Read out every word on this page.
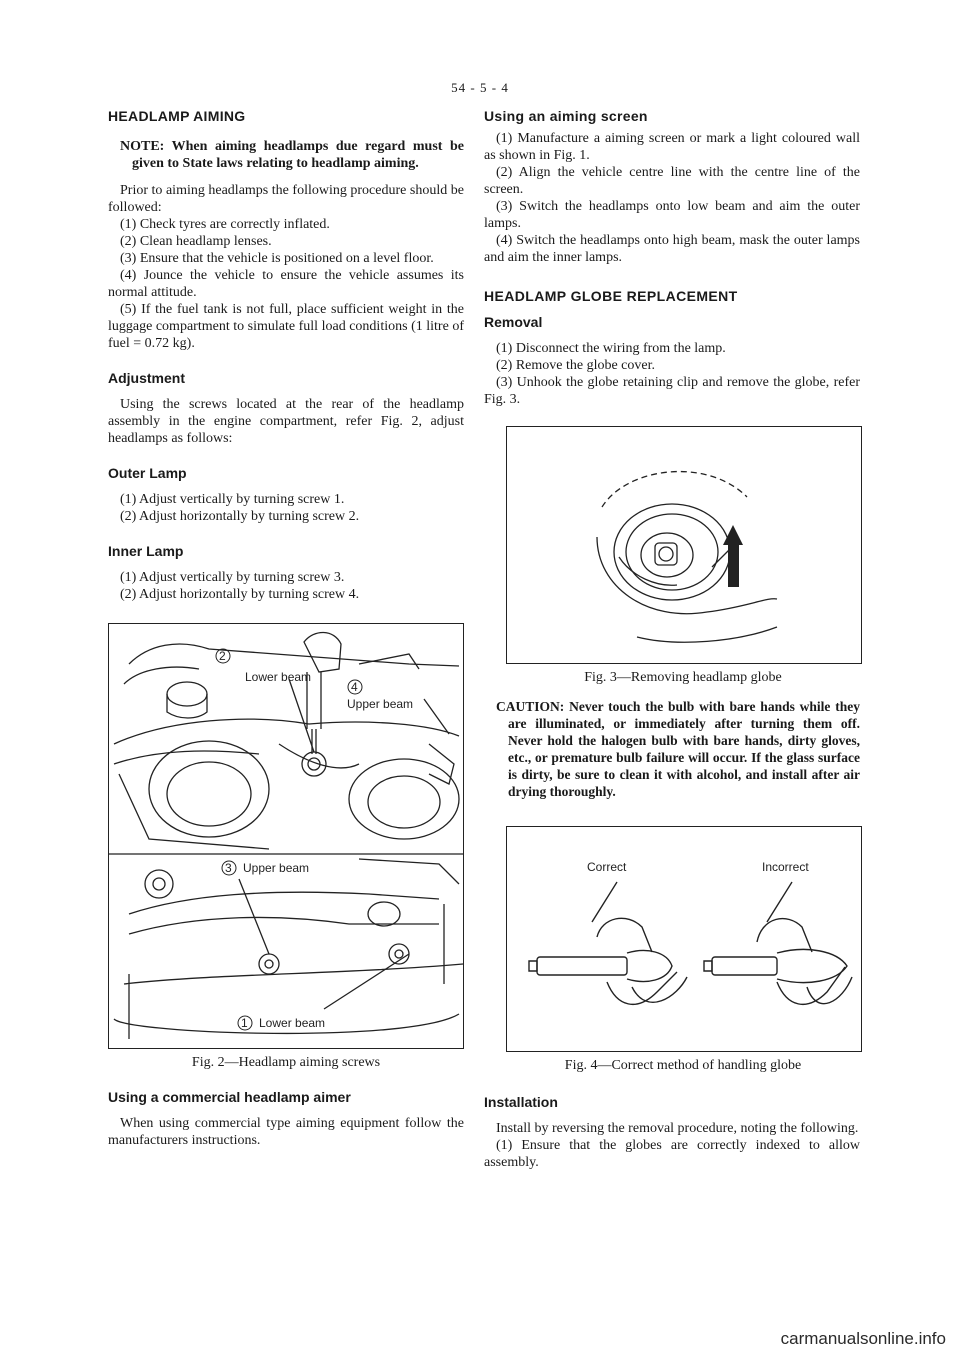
54 - 5 - 4
HEADLAMP AIMING

NOTE: When aiming headlamps due regard must be given to State laws relating to headlamp aiming.

Prior to aiming headlamps the following procedure should be followed:

(1) Check tyres are correctly inflated.

(2) Clean headlamp lenses.

(3) Ensure that the vehicle is positioned on a level floor.

(4) Jounce the vehicle to ensure the vehicle assumes its normal attitude.

(5) If the fuel tank is not full, place sufficient weight in the luggage compartment to simulate full load conditions (1 litre of fuel = 0.72 kg).

Adjustment

Using the screws located at the rear of the headlamp assembly in the engine compartment, refer Fig. 2, adjust headlamps as follows:

Outer Lamp

(1) Adjust vertically by turning screw 1.

(2) Adjust horizontally by turning screw 2.

Inner Lamp

(1) Adjust vertically by turning screw 3.

(2) Adjust horizontally by turning screw 4.

2
Lower beam
4
Upper beam
3 Upper beam
1 Lower beam
Fig. 2—Headlamp aiming screws
Using a commercial headlamp aimer

When using commercial type aiming equipment follow the manufacturers instructions.

Using an aiming screen

(1) Manufacture a aiming screen or mark a light coloured wall as shown in Fig. 1.

(2) Align the vehicle centre line with the centre line of the screen.

(3) Switch the headlamps onto low beam and aim the outer lamps.

(4) Switch the headlamps onto high beam, mask the outer lamps and aim the inner lamps.

HEADLAMP GLOBE REPLACEMENT
Removal

(1) Disconnect the wiring from the lamp.

(2) Remove the globe cover.

(3) Unhook the globe retaining clip and remove the globe, refer Fig. 3.

Fig. 3—Removing headlamp globe

CAUTION: Never touch the bulb with bare hands while they are illuminated, or immediately after turning them off. Never hold the halogen bulb with bare hands, dirty gloves, etc., or premature bulb failure will occur. If the glass surface is dirty, be sure to clean it with alcohol, and install after air drying thoroughly.

Correct	Incorrect
Fig. 4—Correct method of handling globe
Installation

Install by reversing the removal procedure, noting the following.

(1) Ensure that the globes are correctly indexed to allow assembly.

carmanualsonline.info
